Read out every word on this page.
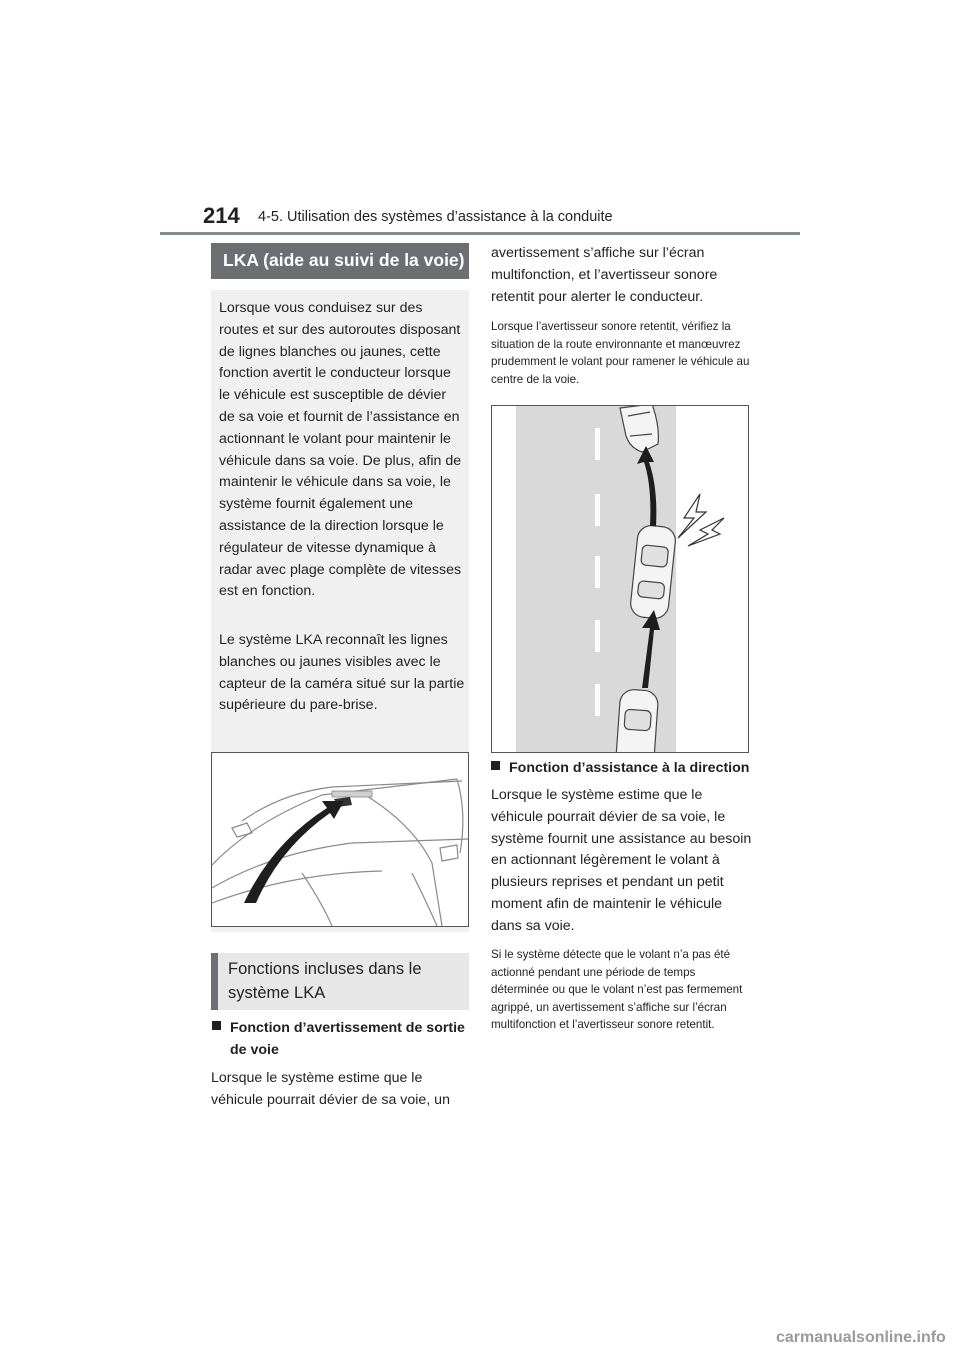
214 4-5. Utilisation des systèmes d’assistance à la conduite
LKA (aide au suivi de la voie)

Lorsque vous conduisez sur des routes et sur des autoroutes disposant de lignes blanches ou jaunes, cette fonction avertit le conducteur lorsque le véhicule est susceptible de dévier de sa voie et fournit de l’assistance en actionnant le volant pour maintenir le véhicule dans sa voie. De plus, afin de maintenir le véhicule dans sa voie, le système fournit également une assistance de la direction lorsque le régulateur de vitesse dynamique à radar avec plage complète de vitesses est en fonction.

Le système LKA reconnaît les lignes blanches ou jaunes visibles avec le capteur de la caméra situé sur la partie supérieure du pare-brise.

Fonctions incluses dans le système LKA

Fonction d’avertissement de sortie
de voie

Lorsque le système estime que le véhicule pourrait dévier de sa voie, un

avertissement s’affiche sur l’écran multifonction, et l’avertisseur sonore retentit pour alerter le conducteur.

Lorsque l’avertisseur sonore retentit, vérifiez la situation de la route environnante et manœuvrez prudemment le volant pour ramener le véhicule au centre de la voie.

Fonction d’assistance à la direction

Lorsque le système estime que le véhicule pourrait dévier de sa voie, le système fournit une assistance au besoin en actionnant légèrement le volant à plusieurs reprises et pendant un petit moment afin de maintenir le véhicule dans sa voie.

Si le système détecte que le volant n’a pas été actionné pendant une période de temps déterminée ou que le volant n’est pas fermement agrippé, un avertissement s’affiche sur l’écran multifonction et l’avertisseur sonore retentit.

carmanualsonline.info
